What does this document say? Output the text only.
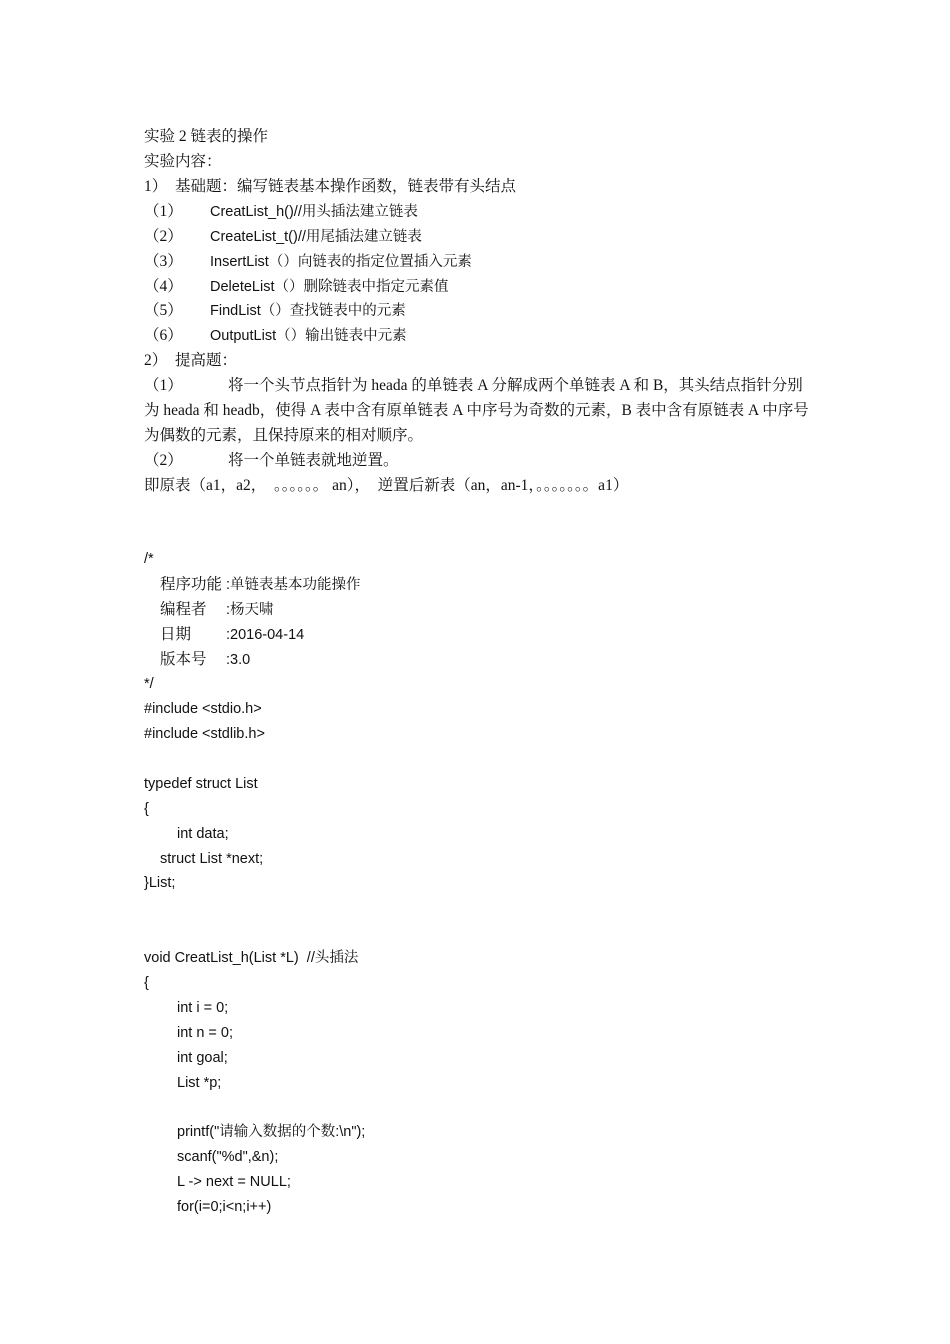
实验 2 链表的操作
实验内容：
1）  基础题：编写链表基本操作函数，链表带有头结点
（1） CreatList_h()//用头插法建立链表
（2） CreateList_t()//用尾插法建立链表
（3） InsertList（）向链表的指定位置插入元素
（4） DeleteList（）删除链表中指定元素值
（5） FindList（）查找链表中的元素
（6） OutputList（）输出链表中元素
2）  提高题：
（1）	将一个头节点指针为 heada 的单链表 A 分解成两个单链表 A 和 B，其头结点指针分别为 heada 和 headb，使得 A 表中含有原单链表 A 中序号为奇数的元素，B 表中含有原链表 A 中序号为偶数的元素，且保持原来的相对顺序。
（2）	将一个单链表就地逆置。
即原表（a1，a2，  。。。。。。 an），  逆置后新表（an，an-1，。。。。。。。a1）
/*
程序功能 :单链表基本功能操作
编程者 :杨天啸
日期 :2016-04-14
版本号 :3.0
*/
#include <stdio.h>
#include <stdlib.h>
typedef struct List
{
int data;
struct List *next;
}List;
void CreatList_h(List *L)  //头插法
{
int i = 0;
int n = 0;
int goal;
List *p;
printf("请输入数据的个数:\n");
scanf("%d",&n);
L -> next = NULL;
for(i=0;i<n;i++)
